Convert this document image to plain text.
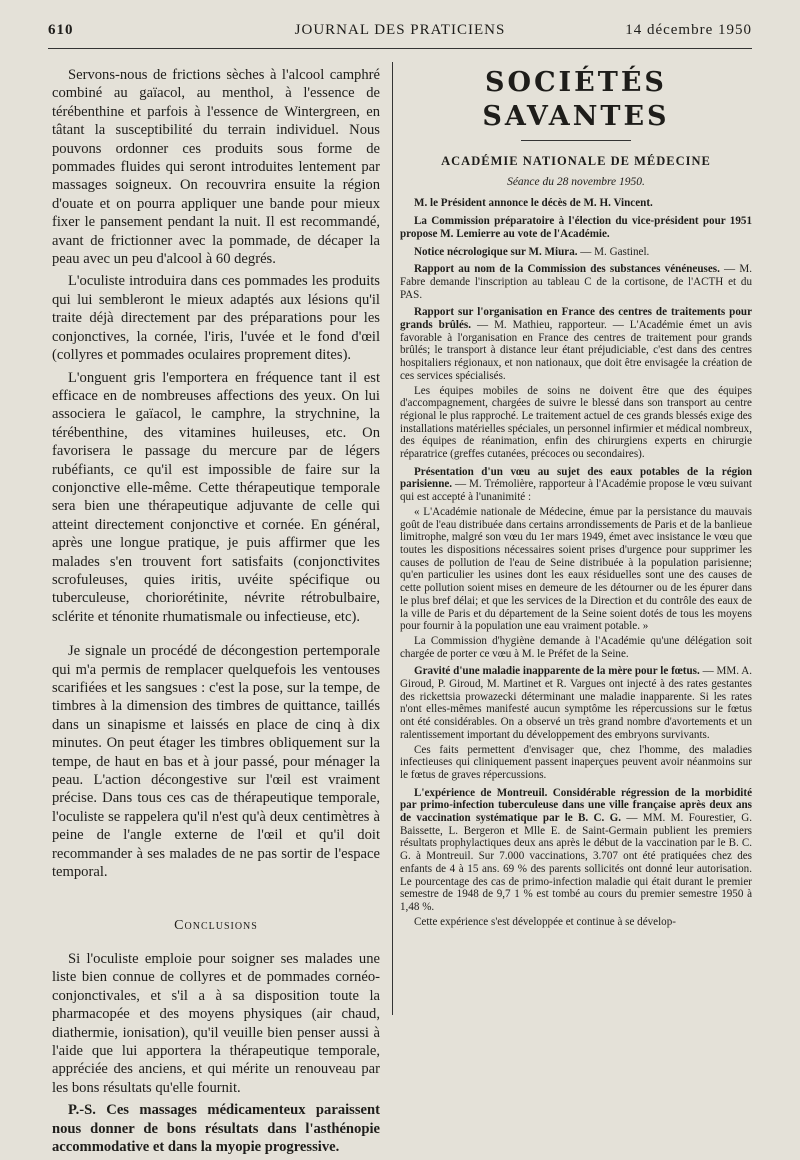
610	JOURNAL DES PRATICIENS	14 décembre 1950

Servons-nous de frictions sèches à l'alcool camphré combiné au gaïacol, au menthol, à l'essence de térébenthine et parfois à l'essence de Wintergreen, en tâtant la susceptibilité du terrain individuel. Nous pouvons ordonner ces produits sous forme de pommades fluides qui seront introduites lentement par massages soigneux. On recouvrira ensuite la région d'ouate et on pourra appliquer une bande pour mieux fixer le pansement pendant la nuit. Il est recommandé, avant de frictionner avec la pommade, de décaper la peau avec un peu d'alcool à 60 degrés.

L'oculiste introduira dans ces pommades les produits qui lui sembleront le mieux adaptés aux lésions qu'il traite déjà directement par des préparations pour les conjonctives, la cornée, l'iris, l'uvée et le fond d'œil (collyres et pommades oculaires proprement dites).

L'onguent gris l'emportera en fréquence tant il est efficace en de nombreuses affections des yeux. On lui associera le gaïacol, le camphre, la strychnine, la térébenthine, des vitamines huileuses, etc. On favorisera le passage du mercure par de légers rubéfiants, ce qu'il est impossible de faire sur la conjonctive elle-même. Cette thérapeutique temporale sera bien une thérapeutique adjuvante de celle qui atteint directement conjonctive et cornée. En général, après une longue pratique, je puis affirmer que les malades s'en trouvent fort satisfaits (conjonctivites scrofuleuses, quies iritis, uvéite spécifique ou tuberculeuse, choriorétinite, névrite rétrobulbaire, sclérite et ténonite rhumatismale ou infectieuse, etc).

Je signale un procédé de décongestion pertemporale qui m'a permis de remplacer quelquefois les ventouses scarifiées et les sangsues : c'est la pose, sur la tempe, de timbres à la dimension des timbres de quittance, taillés dans un sinapisme et laissés en place de cinq à dix minutes. On peut étager les timbres obliquement sur la tempe, de haut en bas et à jour passé, pour ménager la peau. L'action décongestive sur l'œil est vraiment précise. Dans tous ces cas de thérapeutique temporale, l'oculiste se rappelera qu'il n'est qu'à deux centimètres à peine de l'angle externe de l'œil et qu'il doit recommander à ses malades de ne pas sortir de l'espace temporal.

Conclusions

Si l'oculiste emploie pour soigner ses malades une liste bien connue de collyres et de pommades cornéo-conjonctivales, et s'il a à sa disposition toute la pharmacopée et des moyens physiques (air chaud, diathermie, ionisation), qu'il veuille bien penser aussi à l'aide que lui apportera la thérapeutique temporale, appréciée des anciens, et qui mérite un renouveau par les bons résultats qu'elle fournit.

P.-S. Ces massages médicamenteux paraissent nous donner de bons résultats dans l'asthénopie accommodative et dans la myopie progressive.

SOCIÉTÉS SAVANTES
ACADÉMIE NATIONALE DE MÉDECINE
Séance du 28 novembre 1950.

M. le Président annonce le décès de M. H. Vincent.

La Commission préparatoire à l'élection du vice-président pour 1951 propose M. Lemierre au vote de l'Académie.

Notice nécrologique sur M. Miura. — M. Gastinel.

Rapport au nom de la Commission des substances vénéneuses. — M. Fabre demande l'inscription au tableau C de la cortisone, de l'ACTH et du PAS.

Rapport sur l'organisation en France des centres de traitements pour grands brûlés. — M. Mathieu, rapporteur. — L'Académie émet un avis favorable à l'organisation en France des centres de traitement pour grands brûlés; le transport à distance leur étant préjudiciable, c'est dans des centres hospitaliers régionaux, et non nationaux, que doit être envisagée la création de ces services spécialisés.

Les équipes mobiles de soins ne doivent être que des équipes d'accompagnement, chargées de suivre le blessé dans son transport au centre régional le plus rapproché. Le traitement actuel de ces grands blessés exige des installations matérielles spéciales, un personnel infirmier et médical nombreux, des équipes de réanimation, enfin des chirurgiens experts en chirurgie réparatrice (greffes cutanées, précoces ou secondaires).

Présentation d'un vœu au sujet des eaux potables de la région parisienne. — M. Trémolière, rapporteur à l'Académie propose le vœu suivant qui est accepté à l'unanimité :

« L'Académie nationale de Médecine, émue par la persistance du mauvais goût de l'eau distribuée dans certains arrondissements de Paris et de la banlieue limitrophe, malgré son vœu du 1er mars 1949, émet avec insistance le vœu que toutes les dispositions nécessaires soient prises d'urgence pour supprimer les causes de pollution de l'eau de Seine distribuée à la population parisienne; qu'en particulier les usines dont les eaux résiduelles sont une des causes de cette pollution soient mises en demeure de les détourner ou de les épurer dans le plus bref délai; et que les services de la Direction et du contrôle des eaux de la ville de Paris et du département de la Seine soient dotés de tous les moyens pour fournir à la population une eau vraiment potable. »

La Commission d'hygiène demande à l'Académie qu'une délégation soit chargée de porter ce vœu à M. le Préfet de la Seine.

Gravité d'une maladie inapparente de la mère pour le fœtus. — MM. A. Giroud, P. Giroud, M. Martinet et R. Vargues ont injecté à des rates gestantes des rickettsia prowazecki déterminant une maladie inapparente. Si les rates n'ont elles-mêmes manifesté aucun symptôme les répercussions sur le fœtus ont été considérables. On a observé un très grand nombre d'avortements et un ralentissement important du développement des embryons survivants.

Ces faits permettent d'envisager que, chez l'homme, des maladies infectieuses qui cliniquement passent inaperçues peuvent avoir néanmoins sur le fœtus de graves répercussions.

L'expérience de Montreuil. Considérable régression de la morbidité par primo-infection tuberculeuse dans une ville française après deux ans de vaccination systématique par le B. C. G. — MM. M. Fourestier, G. Baissette, L. Bergeron et Mlle E. de Saint-Germain publient les premiers résultats prophylactiques deux ans après le début de la vaccination par le B. C. G. à Montreuil. Sur 7.000 vaccinations, 3.707 ont été pratiquées chez des enfants de 4 à 15 ans. 69 % des parents sollicités ont donné leur autorisation. Le pourcentage des cas de primo-infection maladie qui était durant le premier semestre de 1948 de 9,7 1 % est tombé au cours du premier semestre 1950 à 1,48 %.

Cette expérience s'est développée et continue à se dévelop-
